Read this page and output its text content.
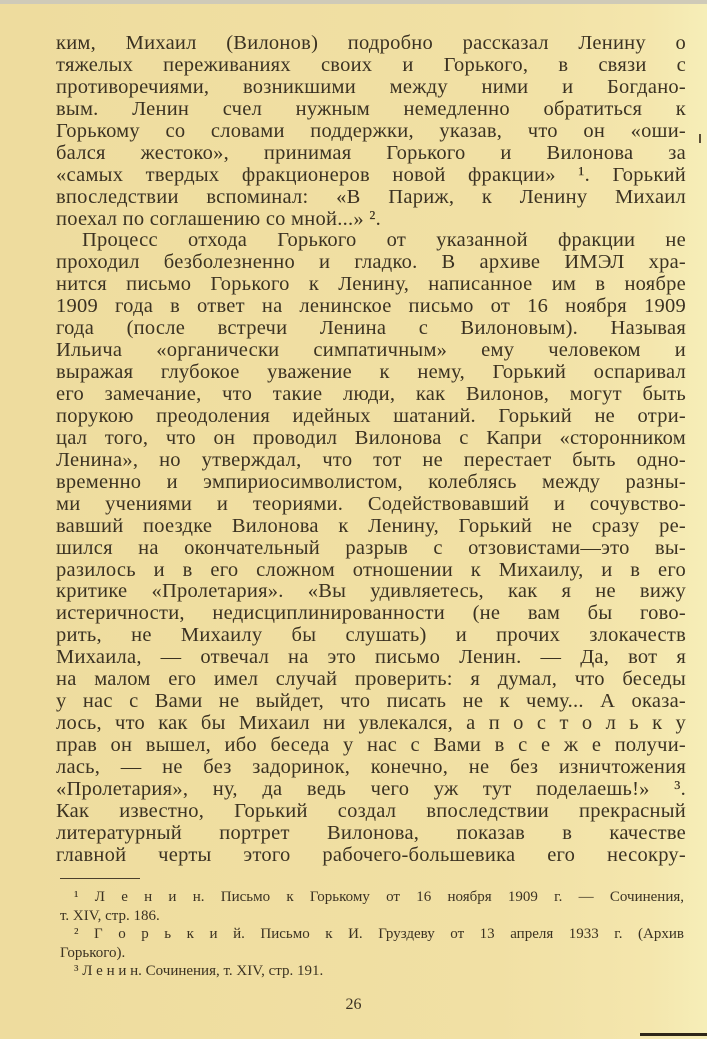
ким, Михаил (Вилонов) подробно рассказал Ленину о
тяжелых переживаниях своих и Горького, в связи с
противоречиями, возникшими между ними и Богдано-
вым. Ленин счел нужным немедленно обратиться к
Горькому со словами поддержки, указав, что он «оши-
бался жестоко», принимая Горького и Вилонова за
«самых твердых фракционеров новой фракции» ¹. Горький
впоследствии вспоминал: «В Париж, к Ленину Михаил
поехал по соглашению со мной...» ².
Процесс отхода Горького от указанной фракции не
проходил безболезненно и гладко. В архиве ИМЭЛ хра-
нится письмо Горького к Ленину, написанное им в ноябре
1909 года в ответ на ленинское письмо от 16 ноября 1909
года (после встречи Ленина с Вилоновым). Называя
Ильича «органически симпатичным» ему человеком и
выражая глубокое уважение к нему, Горький оспаривал
его замечание, что такие люди, как Вилонов, могут быть
порукою преодоления идейных шатаний. Горький не отри-
цал того, что он проводил Вилонова с Капри «сторонником
Ленина», но утверждал, что тот не перестает быть одно-
временно и эмпириосимволистом, колеблясь между разны-
ми учениями и теориями. Содействовавший и сочувство-
вавший поездке Вилонова к Ленину, Горький не сразу ре-
шился на окончательный разрыв с отзовистами—это вы-
разилось и в его сложном отношении к Михаилу, и в его
критике «Пролетария». «Вы удивляетесь, как я не вижу
истеричности, недисциплинированности (не вам бы гово-
рить, не Михаилу бы слушать) и прочих злокачеств
Михаила, — отвечал на это письмо Ленин. — Да, вот я
на малом его имел случай проверить: я думал, что беседы
у нас с Вами не выйдет, что писать не к чему... А оказа-
лось, что как бы Михаил ни увлекался, а п о с т о л ь к у
прав он вышел, ибо беседа у нас с Вами в с е ж е получи-
лась, — не без задоринок, конечно, не без изничтожения
«Пролетария», ну, да ведь чего уж тут поделаешь!» ³.
Как известно, Горький создал впоследствии прекрасный
литературный портрет Вилонова, показав в качестве
главной черты этого рабочего-большевика его несокру-
¹ Л е н и н. Письмо к Горькому от 16 ноября 1909 г. — Сочинения,
т. XIV, стр. 186.
² Г о р ь к и й. Письмо к И. Груздеву от 13 апреля 1933 г. (Архив
Горького).
³ Л е н и н. Сочинения, т. XIV, стр. 191.
26
